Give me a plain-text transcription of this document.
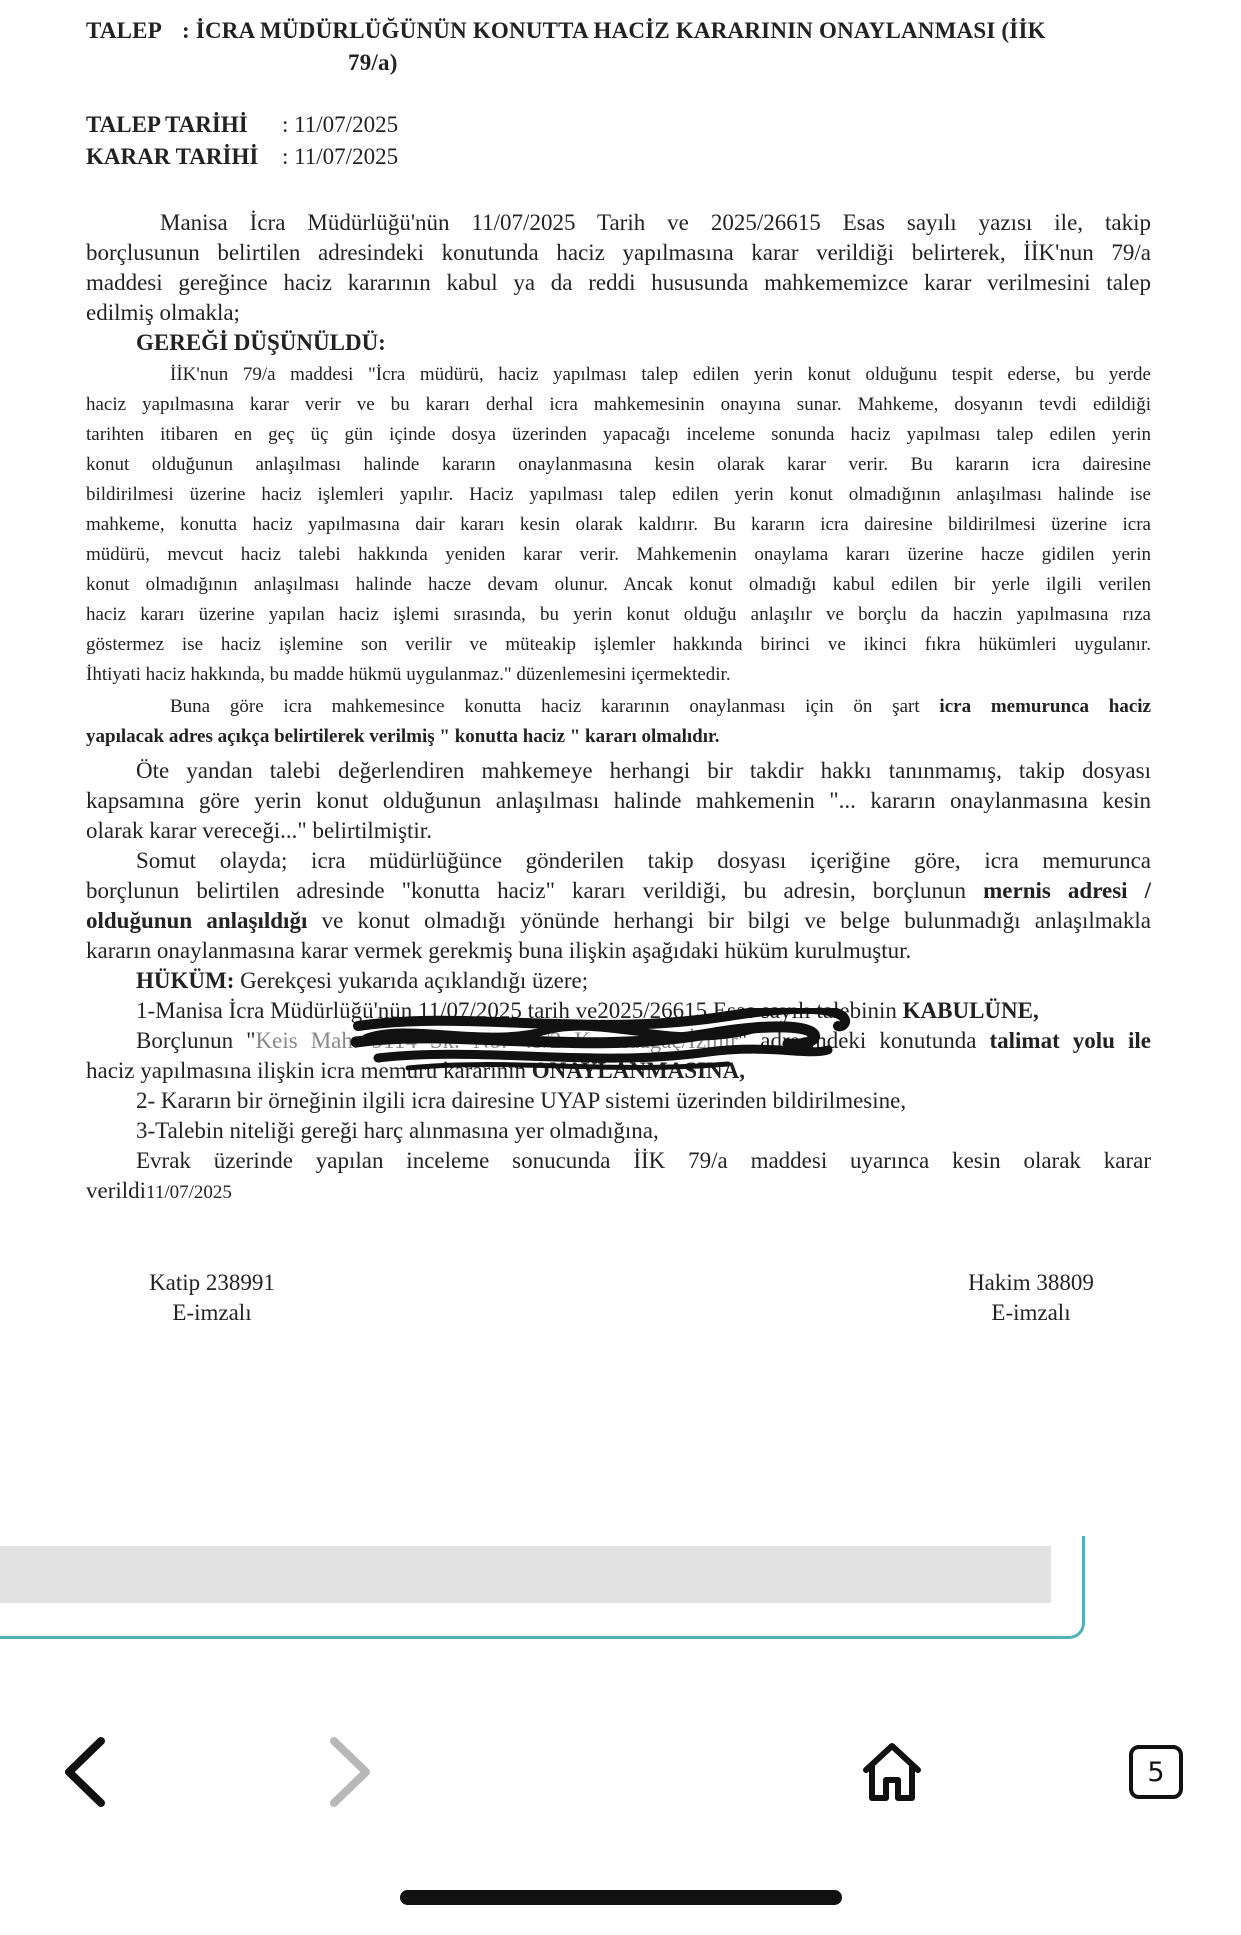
TALEP : İCRA MÜDÜRLÜĞÜNÜN KONUTTA HACİZ KARARININ ONAYLANMASI (İİK
79/a)
TALEP TARİHİ : 11/07/2025
KARAR TARİHİ : 11/07/2025
Manisa İcra Müdürlüğü'nün 11/07/2025 Tarih ve 2025/26615 Esas sayılı yazısı ile, takip
borçlusunun belirtilen adresindeki konutunda haciz yapılmasına karar verildiği belirterek, İİK'nun 79/a
maddesi gereğince haciz kararının kabul ya da reddi hususunda mahkememizce karar verilmesini talep
edilmiş olmakla;
GEREĞİ DÜŞÜNÜLDÜ:
İİK'nun 79/a maddesi "İcra müdürü, haciz yapılması talep edilen yerin konut olduğunu tespit ederse, bu yerde
haciz yapılmasına karar verir ve bu kararı derhal icra mahkemesinin onayına sunar. Mahkeme, dosyanın tevdi edildiği
tarihten itibaren en geç üç gün içinde dosya üzerinden yapacağı inceleme sonunda haciz yapılması talep edilen yerin
konut olduğunun anlaşılması halinde kararın onaylanmasına kesin olarak karar verir. Bu kararın icra dairesine
bildirilmesi üzerine haciz işlemleri yapılır. Haciz yapılması talep edilen yerin konut olmadığının anlaşılması halinde ise
mahkeme, konutta haciz yapılmasına dair kararı kesin olarak kaldırır. Bu kararın icra dairesine bildirilmesi üzerine icra
müdürü, mevcut haciz talebi hakkında yeniden karar verir. Mahkemenin onaylama kararı üzerine hacze gidilen yerin
konut olmadığının anlaşılması halinde hacze devam olunur. Ancak konut olmadığı kabul edilen bir yerle ilgili verilen
haciz kararı üzerine yapılan haciz işlemi sırasında, bu yerin konut olduğu anlaşılır ve borçlu da haczin yapılmasına rıza
göstermez ise haciz işlemine son verilir ve müteakip işlemler hakkında birinci ve ikinci fıkra hükümleri uygulanır.
İhtiyati haciz hakkında, bu madde hükmü uygulanmaz." düzenlemesini içermektedir.
Buna göre icra mahkemesince konutta haciz kararının onaylanması için ön şart icra memurunca haciz
yapılacak adres açıkça belirtilerek verilmiş " konutta haciz " kararı olmalıdır.
Öte yandan talebi değerlendiren mahkemeye herhangi bir takdir hakkı tanınmamış, takip dosyası
kapsamına göre yerin konut olduğunun anlaşılması halinde mahkemenin "... kararın onaylanmasına kesin
olarak karar vereceği..." belirtilmiştir.
Somut olayda; icra müdürlüğünce gönderilen takip dosyası içeriğine göre, icra memurunca
borçlunun belirtilen adresinde "konutta haciz" kararı verildiği, bu adresin, borçlunun mernis adresi /
olduğunun anlaşıldığı ve konut olmadığı yönünde herhangi bir bilgi ve belge bulunmadığı anlaşılmakla
kararın onaylanmasına karar vermek gerekmiş buna ilişkin aşağıdaki hüküm kurulmuştur.
HÜKÜM: Gerekçesi yukarıda açıklandığı üzere;
1-Manisa İcra Müdürlüğü'nün 11/07/2025 tarih ve2025/26615 Esas sayılı talebinin KABULÜNE,
Borçlunun "Keis Mah. 9114 Sk. No: 45/2 Karacaağaç/İzmir" adresindeki konutunda talimat yolu ile
haciz yapılmasına ilişkin icra memuru kararının ONAYLANMASINA,
2- Kararın bir örneğinin ilgili icra dairesine UYAP sistemi üzerinden bildirilmesine,
3-Talebin niteliği gereği harç alınmasına yer olmadığına,
Evrak üzerinde yapılan inceleme sonucunda İİK 79/a maddesi uyarınca kesin olarak karar
verildi11/07/2025
Katip 238991
E-imzalı
Hakim 38809
E-imzalı
5
